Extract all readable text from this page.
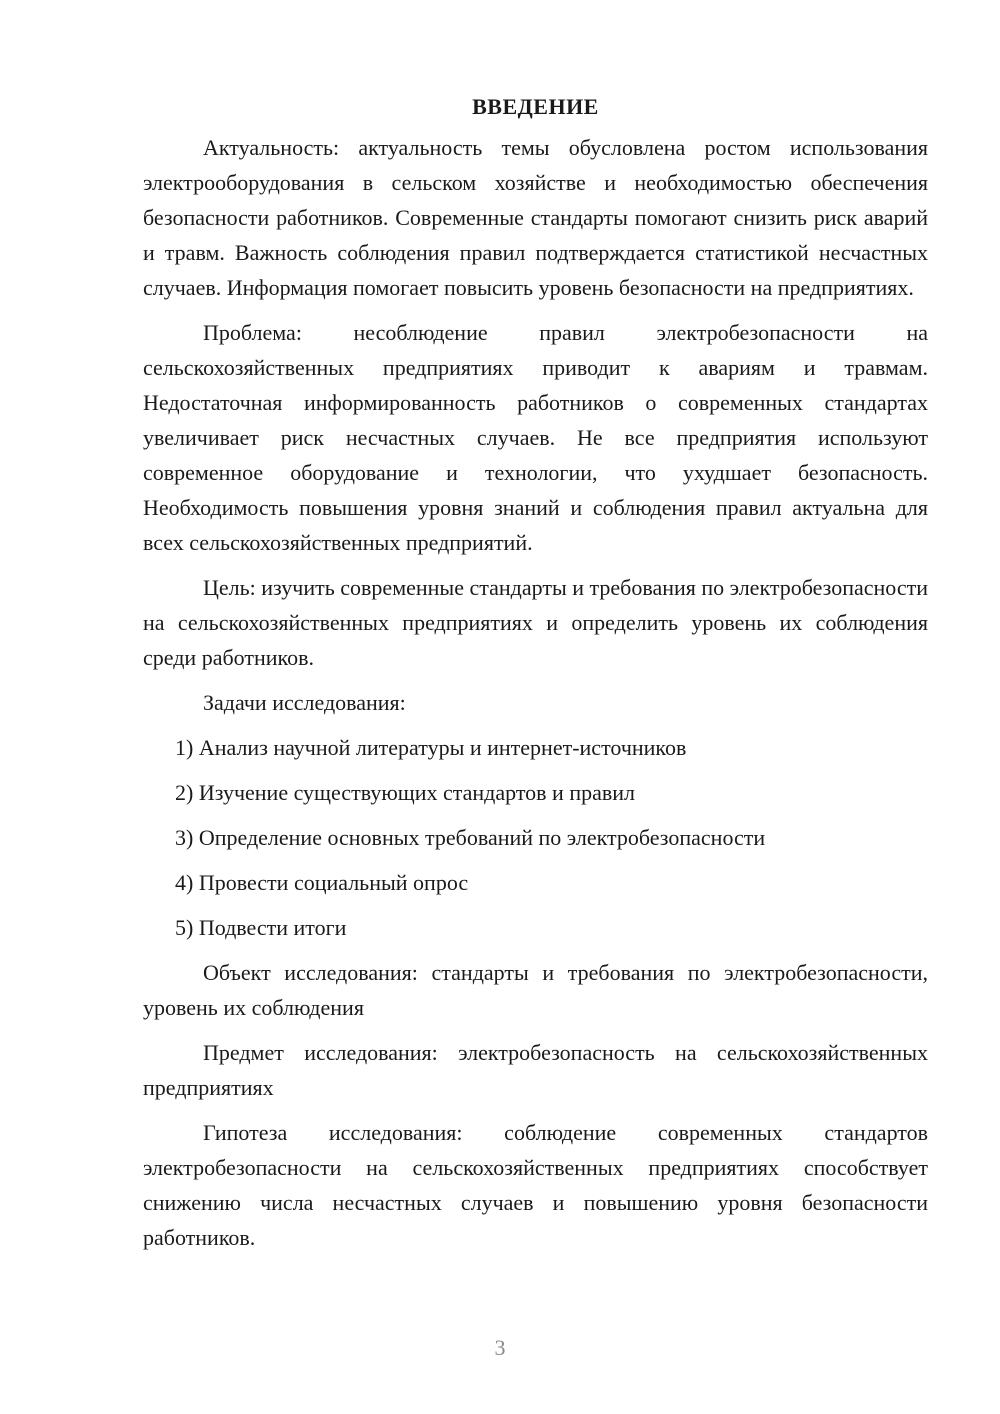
ВВЕДЕНИЕ

Актуальность: актуальность темы обусловлена ростом использования электрооборудования в сельском хозяйстве и необходимостью обеспечения безопасности работников. Современные стандарты помогают снизить риск аварий и травм. Важность соблюдения правил подтверждается статистикой несчастных случаев. Информация помогает повысить уровень безопасности на предприятиях.

Проблема: несоблюдение правил электробезопасности на сельскохозяйственных предприятиях приводит к авариям и травмам. Недостаточная информированность работников о современных стандартах увеличивает риск несчастных случаев. Не все предприятия используют современное оборудование и технологии, что ухудшает безопасность. Необходимость повышения уровня знаний и соблюдения правил актуальна для всех сельскохозяйственных предприятий.

Цель: изучить современные стандарты и требования по электробезопасности на сельскохозяйственных предприятиях и определить уровень их соблюдения среди работников.

Задачи исследования:

1) Анализ научной литературы и интернет-источников
2) Изучение существующих стандартов и правил
3) Определение основных требований по электробезопасности
4) Провести социальный опрос
5) Подвести итоги

Объект исследования: стандарты и требования по электробезопасности, уровень их соблюдения

Предмет исследования: электробезопасность на сельскохозяйственных предприятиях

Гипотеза исследования: соблюдение современных стандартов электробезопасности на сельскохозяйственных предприятиях способствует снижению числа несчастных случаев и повышению уровня безопасности работников.

3
